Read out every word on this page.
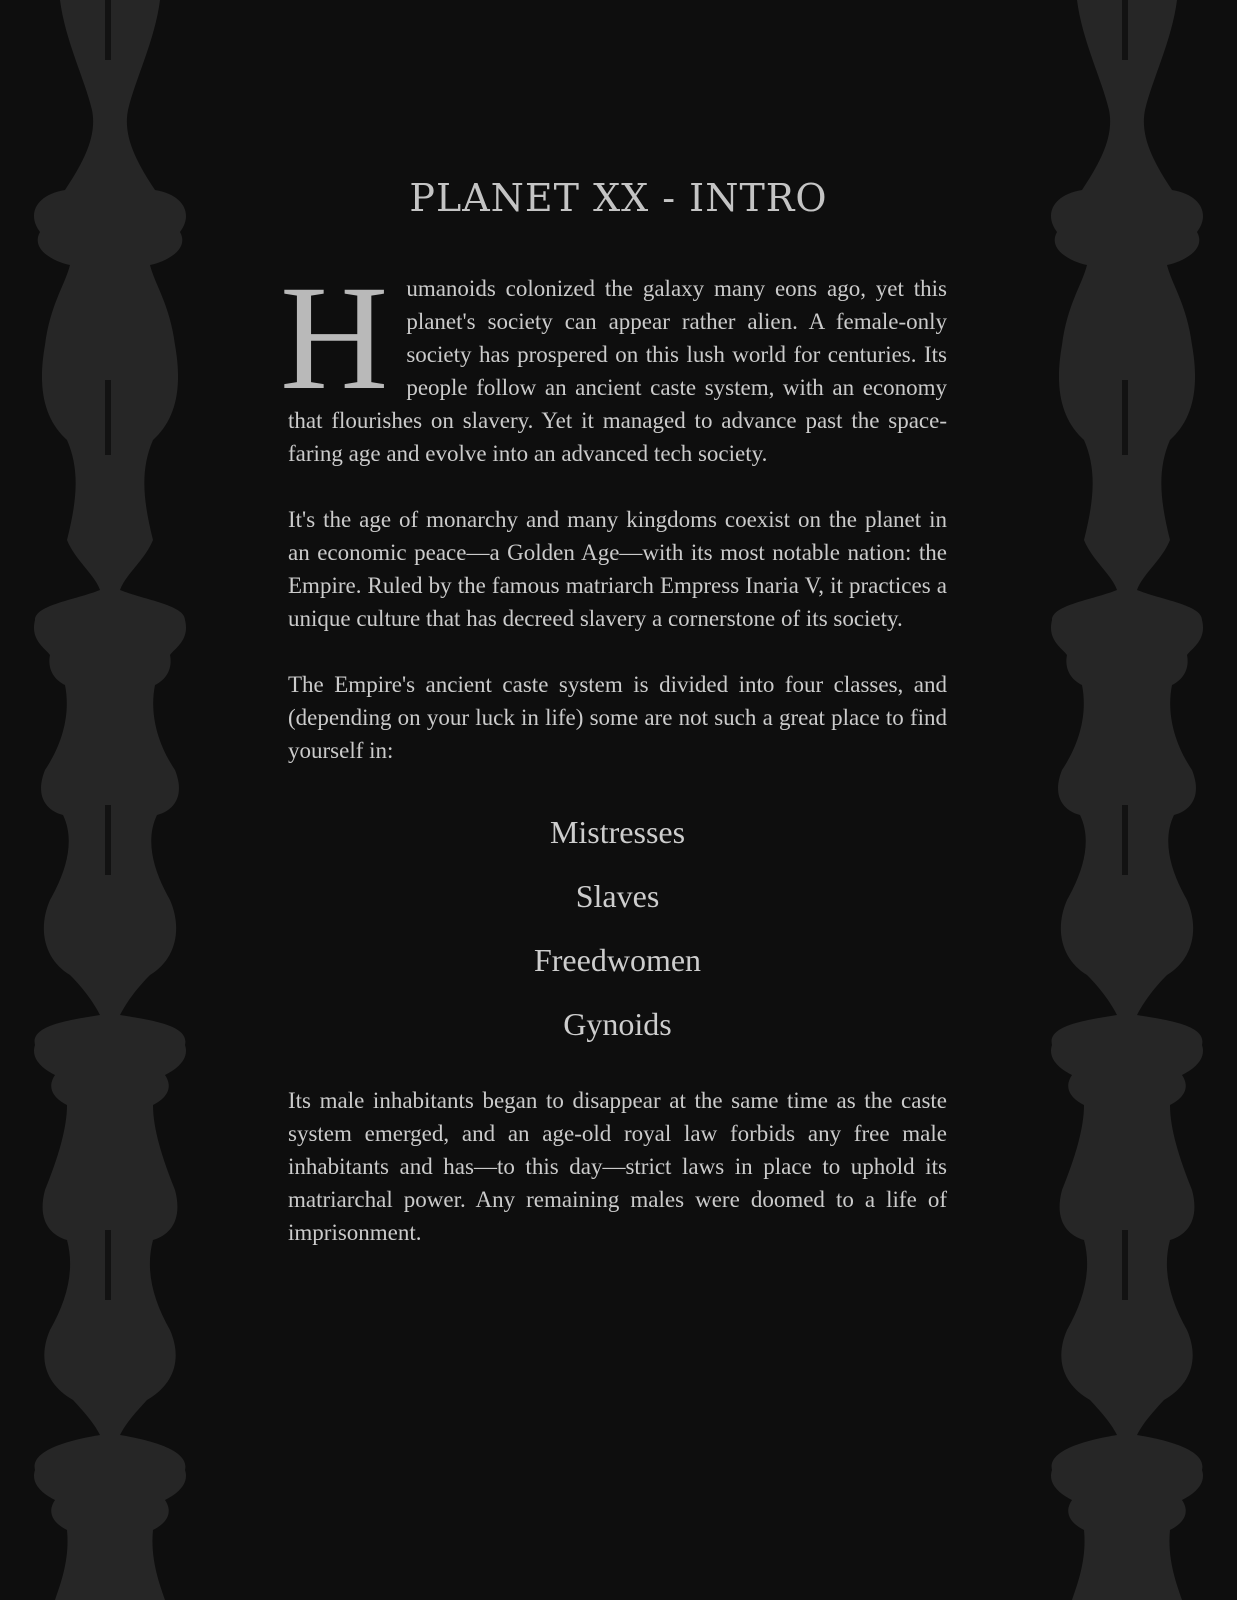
PLANET XX - INTRO

Humanoids colonized the galaxy many eons ago, yet this planet's society can appear rather alien. A female-only society has prospered on this lush world for centuries. Its people follow an ancient caste system, with an economy that flourishes on slavery. Yet it managed to advance past the space-faring age and evolve into an advanced tech society.

It's the age of monarchy and many kingdoms coexist on the planet in an economic peace—a Golden Age—with its most notable nation: the Empire. Ruled by the famous matriarch Empress Inaria V, it practices a unique culture that has decreed slavery a cornerstone of its society.

The Empire's ancient caste system is divided into four classes, and (depending on your luck in life) some are not such a great place to find yourself in:

Mistresses
Slaves
Freedwomen
Gynoids

Its male inhabitants began to disappear at the same time as the caste system emerged, and an age-old royal law forbids any free male inhabitants and has—to this day—strict laws in place to uphold its matriarchal power. Any remaining males were doomed to a life of imprisonment.
